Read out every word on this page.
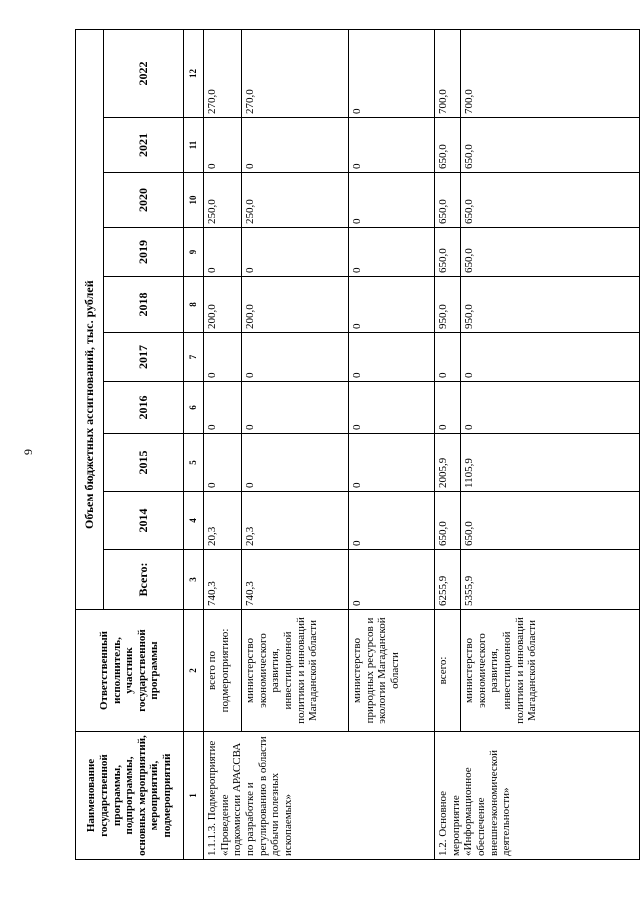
9
Наименование государственной программы, подпрограммы, основных мероприятий, мероприятий, подмероприятий	Ответственный исполнитель, участник государственной программы	Объем бюджетных ассигнований, тыс. рублей									
		Всего:	2014	2015	2016	2017	2018	2019	2020	2021	2022
1	2	3	4	5	6	7	8	9	10	11	12
1.1.1.3. Подмероприятие «Проведение подкомиссии АРАССВА по разработке и регулированию в области добычи полезных ископаемых»	всего по подмероприятию:	740,3	20,3	0	0	0	200,0	0	250,0	0	270,0
	министерство экономического развития, инвестиционной политики и инноваций Магаданской области	740,3	20,3	0	0	0	200,0	0	250,0	0	270,0
	министерство природных ресурсов и экологии Магаданской области	0	0	0	0	0	0	0	0	0	0
1.2. Основное мероприятие «Информационное обеспечение внешнеэкономической деятельности»	всего:	6255,9	650,0	2005,9	0	0	950,0	650,0	650,0	650,0	700,0
	министерство экономического развития, инвестиционной политики и инноваций Магаданской области	5355,9	650,0	1105,9	0	0	950,0	650,0	650,0	650,0	700,0
